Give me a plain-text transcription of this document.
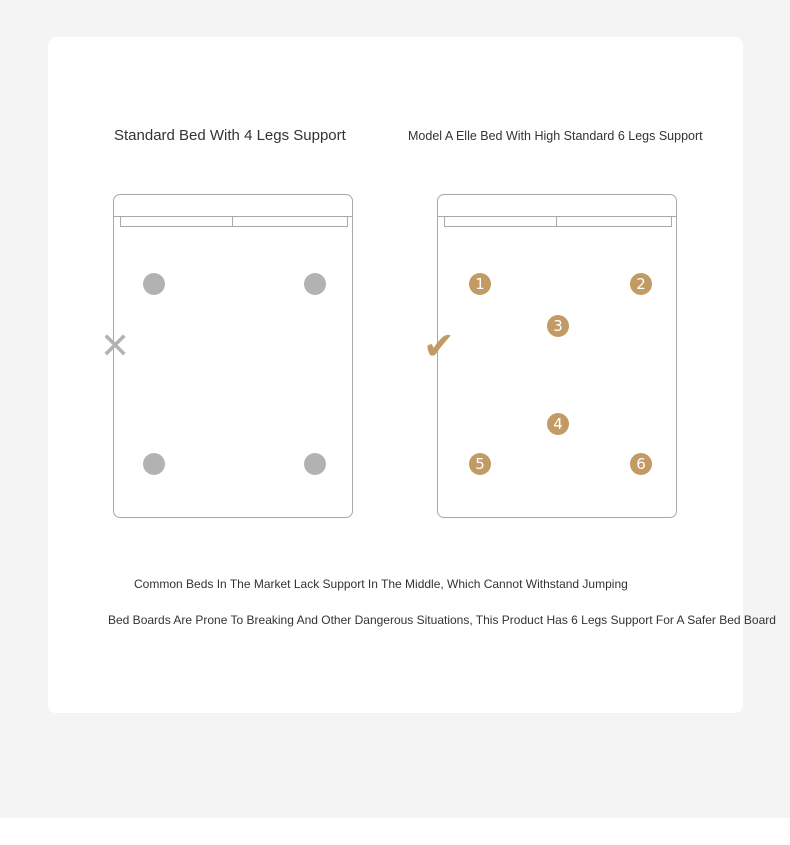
Standard Bed With 4 Legs Support	Model A Elle Bed With High Standard 6 Legs Support
✕
1	2
3
4
5	6
✔
Common Beds In The Market Lack Support In The Middle, Which Cannot Withstand Jumping
Bed Boards Are Prone To Breaking And Other Dangerous Situations, This Product Has 6 Legs Support For A Safer Bed Board
